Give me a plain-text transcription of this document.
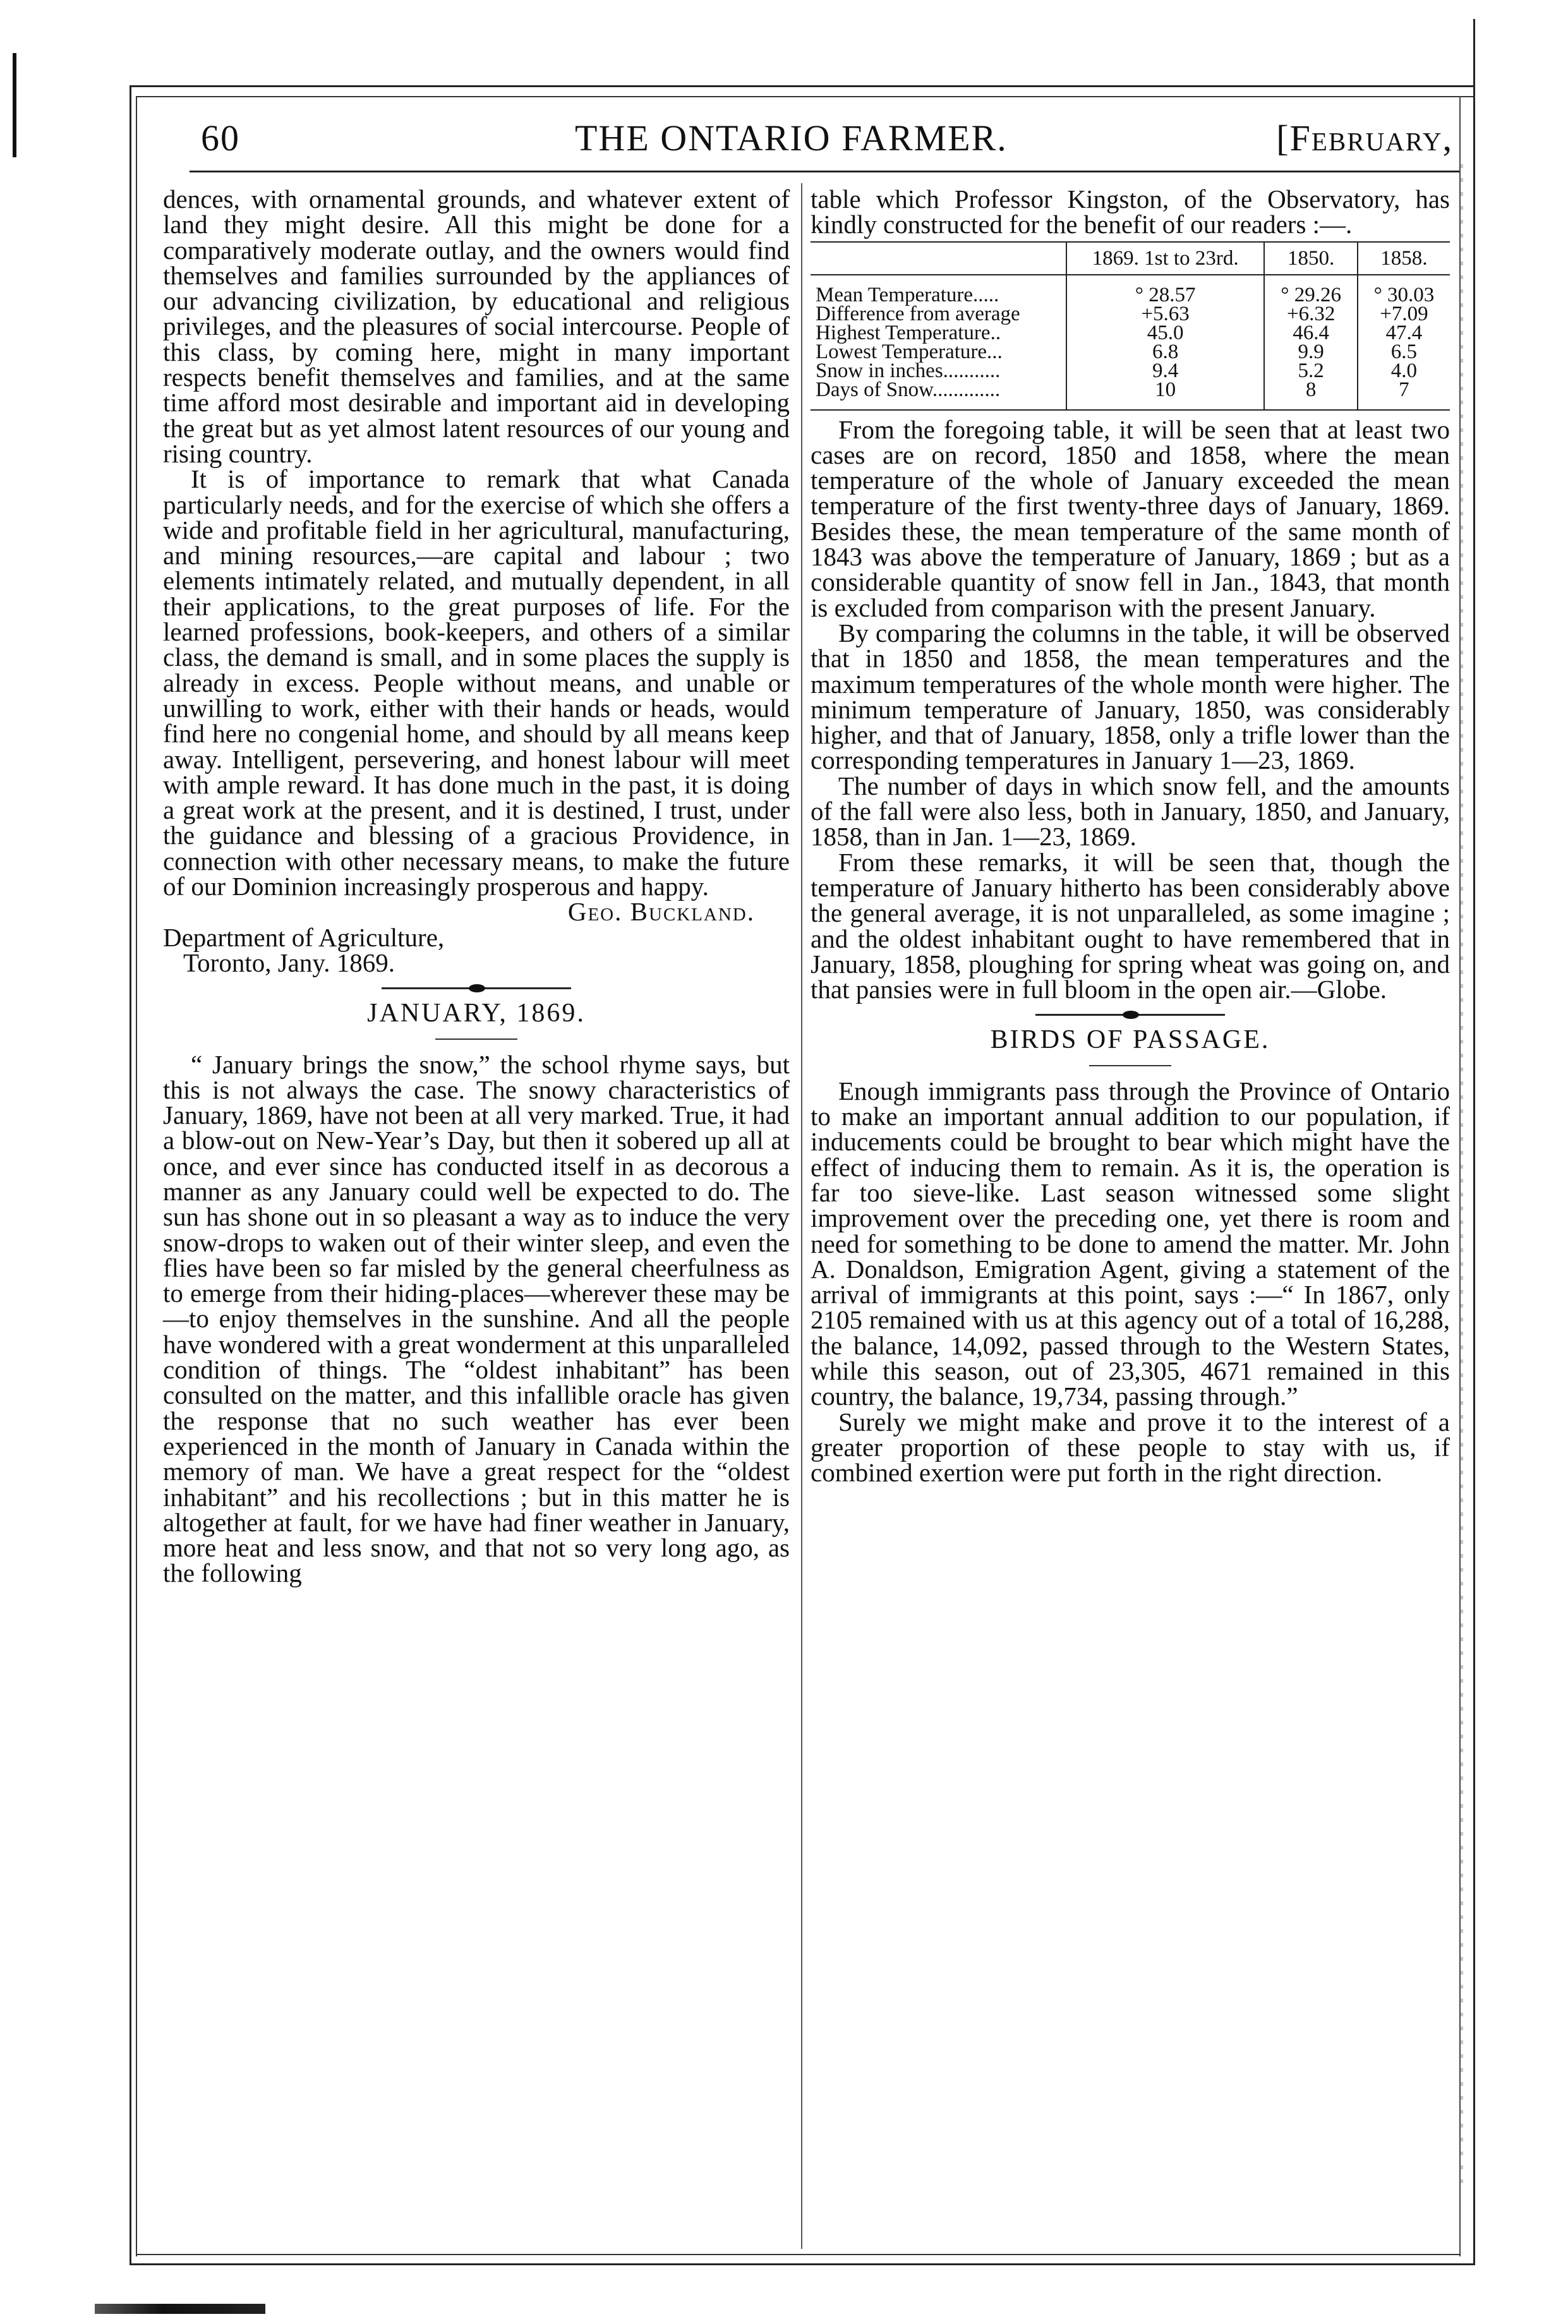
60	THE ONTARIO FARMER.	[February,

dences, with ornamental grounds, and whatever extent of land they might desire. All this might be done for a comparatively moderate outlay, and the owners would find themselves and families surrounded by the appliances of our advancing civilization, by educational and religious privileges, and the pleasures of social intercourse. People of this class, by coming here, might in many important respects benefit themselves and families, and at the same time afford most desirable and important aid in developing the great but as yet almost latent resources of our young and rising country.

It is of importance to remark that what Canada particularly needs, and for the exercise of which she offers a wide and profitable field in her agricultural, manufacturing, and mining resources,—are capital and labour ; two elements intimately related, and mutually dependent, in all their applications, to the great purposes of life. For the learned professions, book-keepers, and others of a similar class, the demand is small, and in some places the supply is already in excess. People without means, and unable or unwilling to work, either with their hands or heads, would find here no congenial home, and should by all means keep away. Intelligent, persevering, and honest labour will meet with ample reward. It has done much in the past, it is doing a great work at the present, and it is destined, I trust, under the guidance and blessing of a gracious Providence, in connection with other necessary means, to make the future of our Dominion increasingly prosperous and happy.

Geo. Buckland.

Department of Agriculture,

Toronto, Jany. 1869.

JANUARY, 1869.

“ January brings the snow,” the school rhyme says, but this is not always the case. The snowy characteristics of January, 1869, have not been at all very marked. True, it had a blow-out on New-Year’s Day, but then it sobered up all at once, and ever since has conducted itself in as decorous a manner as any January could well be expected to do. The sun has shone out in so pleasant a way as to induce the very snow-drops to waken out of their winter sleep, and even the flies have been so far misled by the general cheerfulness as to emerge from their hiding-places—wherever these may be—to enjoy themselves in the sunshine. And all the people have wondered with a great wonderment at this unparalleled condition of things. The “oldest inhabitant” has been consulted on the matter, and this infallible oracle has given the response that no such weather has ever been experienced in the month of January in Canada within the memory of man. We have a great respect for the “oldest inhabitant” and his recollections ; but in this matter he is altogether at fault, for we have had finer weather in January, more heat and less snow, and that not so very long ago, as the following

table which Professor Kingston, of the Observatory, has kindly constructed for the benefit of our readers :—.

	1869. 1st to 23rd.	1850.	1858.
Mean Temperature.....	° 28.57	° 29.26	° 30.03
Difference from average	+5.63	+6.32	+7.09
Highest Temperature..	45.0	46.4	47.4
Lowest Temperature...	6.8	9.9	6.5
Snow in inches...........	9.4	5.2	4.0
Days of Snow.............	10	8	7

From the foregoing table, it will be seen that at least two cases are on record, 1850 and 1858, where the mean temperature of the whole of January exceeded the mean temperature of the first twenty-three days of January, 1869. Besides these, the mean temperature of the same month of 1843 was above the temperature of January, 1869 ; but as a considerable quantity of snow fell in Jan., 1843, that month is excluded from comparison with the present January.

By comparing the columns in the table, it will be observed that in 1850 and 1858, the mean temperatures and the maximum temperatures of the whole month were higher. The minimum temperature of January, 1850, was considerably higher, and that of January, 1858, only a trifle lower than the corresponding temperatures in January 1—23, 1869.

The number of days in which snow fell, and the amounts of the fall were also less, both in January, 1850, and January, 1858, than in Jan. 1—23, 1869.

From these remarks, it will be seen that, though the temperature of January hitherto has been considerably above the general average, it is not unparalleled, as some imagine ; and the oldest inhabitant ought to have remembered that in January, 1858, ploughing for spring wheat was going on, and that pansies were in full bloom in the open air.—Globe.

BIRDS OF PASSAGE.

Enough immigrants pass through the Province of Ontario to make an important annual addition to our population, if inducements could be brought to bear which might have the effect of inducing them to remain. As it is, the operation is far too sieve-like. Last season witnessed some slight improvement over the preceding one, yet there is room and need for something to be done to amend the matter. Mr. John A. Donaldson, Emigration Agent, giving a statement of the arrival of immigrants at this point, says :—“ In 1867, only 2105 remained with us at this agency out of a total of 16,288, the balance, 14,092, passed through to the Western States, while this season, out of 23,305, 4671 remained in this country, the balance, 19,734, passing through.”

Surely we might make and prove it to the interest of a greater proportion of these people to stay with us, if combined exertion were put forth in the right direction.
